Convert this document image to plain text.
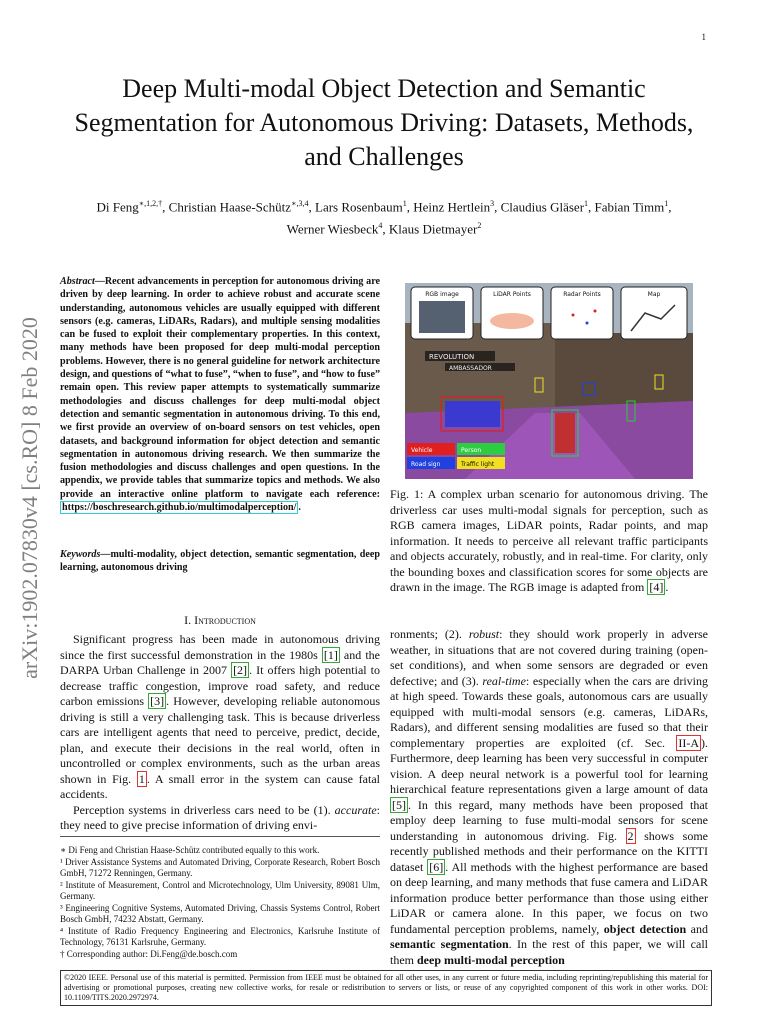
1
arXiv:1902.07830v4 [cs.RO] 8 Feb 2020
Deep Multi-modal Object Detection and Semantic Segmentation for Autonomous Driving: Datasets, Methods, and Challenges
Di Feng$^{∗,1,2,\dagger}$, Christian Haase-Schütz$^{∗,3,4}$, Lars Rosenbaum$^1$, Heinz Hertlein$^3$, Claudius Gläser$^1$, Fabian Timm$^1$,
Werner Wiesbeck$^4$, Klaus Dietmayer$^2$
Abstract—Recent advancements in perception for autonomous driving are driven by deep learning. In order to achieve robust and accurate scene understanding, autonomous vehicles are usually equipped with different sensors (e.g. cameras, LiDARs, Radars), and multiple sensing modalities can be fused to exploit their complementary properties. In this context, many methods have been proposed for deep multi-modal perception problems. However, there is no general guideline for network architecture design, and questions of “what to fuse”, “when to fuse”, and “how to fuse” remain open. This review paper attempts to systematically summarize methodologies and discuss challenges for deep multi-modal object detection and semantic segmentation in autonomous driving. To this end, we first provide an overview of on-board sensors on test vehicles, open datasets, and background information for object detection and semantic segmentation in autonomous driving research. We then summarize the fusion methodologies and discuss challenges and open questions. In the appendix, we provide tables that summarize topics and methods. We also provide an interactive online platform to navigate each reference: https://boschresearch.github.io/multimodalperception/ .
Keywords—multi-modality, object detection, semantic segmentation, deep learning, autonomous driving
I. Introduction

Significant progress has been made in autonomous driving since the first successful demonstration in the 1980s [1] and the DARPA Urban Challenge in 2007 [2] . It offers high potential to decrease traffic congestion, improve road safety, and reduce carbon emissions [3] . However, developing reliable autonomous driving is still a very challenging task. This is because driverless cars are intelligent agents that need to perceive, predict, decide, plan, and execute their decisions in the real world, often in uncontrolled or complex environments, such as the urban areas shown in Fig. 1 . A small error in the system can cause fatal accidents.

Perception systems in driverless cars need to be (1). accurate: they need to give precise information of driving envi-

∗ Di Feng and Christian Haase-Schütz contributed equally to this work.
¹ Driver Assistance Systems and Automated Driving, Corporate Research, Robert Bosch GmbH, 71272 Renningen, Germany.
² Institute of Measurement, Control and Microtechnology, Ulm University, 89081 Ulm, Germany.
³ Engineering Cognitive Systems, Automated Driving, Chassis Systems Control, Robert Bosch GmbH, 74232 Abstatt, Germany.
⁴ Institute of Radio Frequency Engineering and Electronics, Karlsruhe Institute of Technology, 76131 Karlsruhe, Germany.
† Corresponding author: Di.Feng@de.bosch.com
REVOLUTION
AMBASSADOR
RGB image	LiDAR Points	Radar Points	Map
Vehicle	Person
Road sign	Traffic light
Fig. 1: A complex urban scenario for autonomous driving. The driverless car uses multi-modal signals for perception, such as RGB camera images, LiDAR points, Radar points, and map information. It needs to perceive all relevant traffic participants and objects accurately, robustly, and in real-time. For clarity, only the bounding boxes and classification scores for some objects are drawn in the image. The RGB image is adapted from [4] .
ronments; (2). robust: they should work properly in adverse weather, in situations that are not covered during training (open-set conditions), and when some sensors are degraded or even defective; and (3). real-time: especially when the cars are driving at high speed. Towards these goals, autonomous cars are usually equipped with multi-modal sensors (e.g. cameras, LiDARs, Radars), and different sensing modalities are fused so that their complementary properties are exploited (cf. Sec. II-A ). Furthermore, deep learning has been very successful in computer vision. A deep neural network is a powerful tool for learning hierarchical feature representations given a large amount of data [5] . In this regard, many methods have been proposed that employ deep learning to fuse multi-modal sensors for scene understanding in autonomous driving. Fig. 2 shows some recently published methods and their performance on the KITTI dataset [6] . All methods with the highest performance are based on deep learning, and many methods that fuse camera and LiDAR information produce better performance than those using either LiDAR or camera alone. In this paper, we focus on two fundamental perception problems, namely, object detection and semantic segmentation. In the rest of this paper, we will call them deep multi-modal perception
©2020 IEEE. Personal use of this material is permitted. Permission from IEEE must be obtained for all other uses, in any current or future media, including reprinting/republishing this material for advertising or promotional purposes, creating new collective works, for resale or redistribution to servers or lists, or reuse of any copyrighted component of this work in other works. DOI: 10.1109/TITS.2020.2972974.
